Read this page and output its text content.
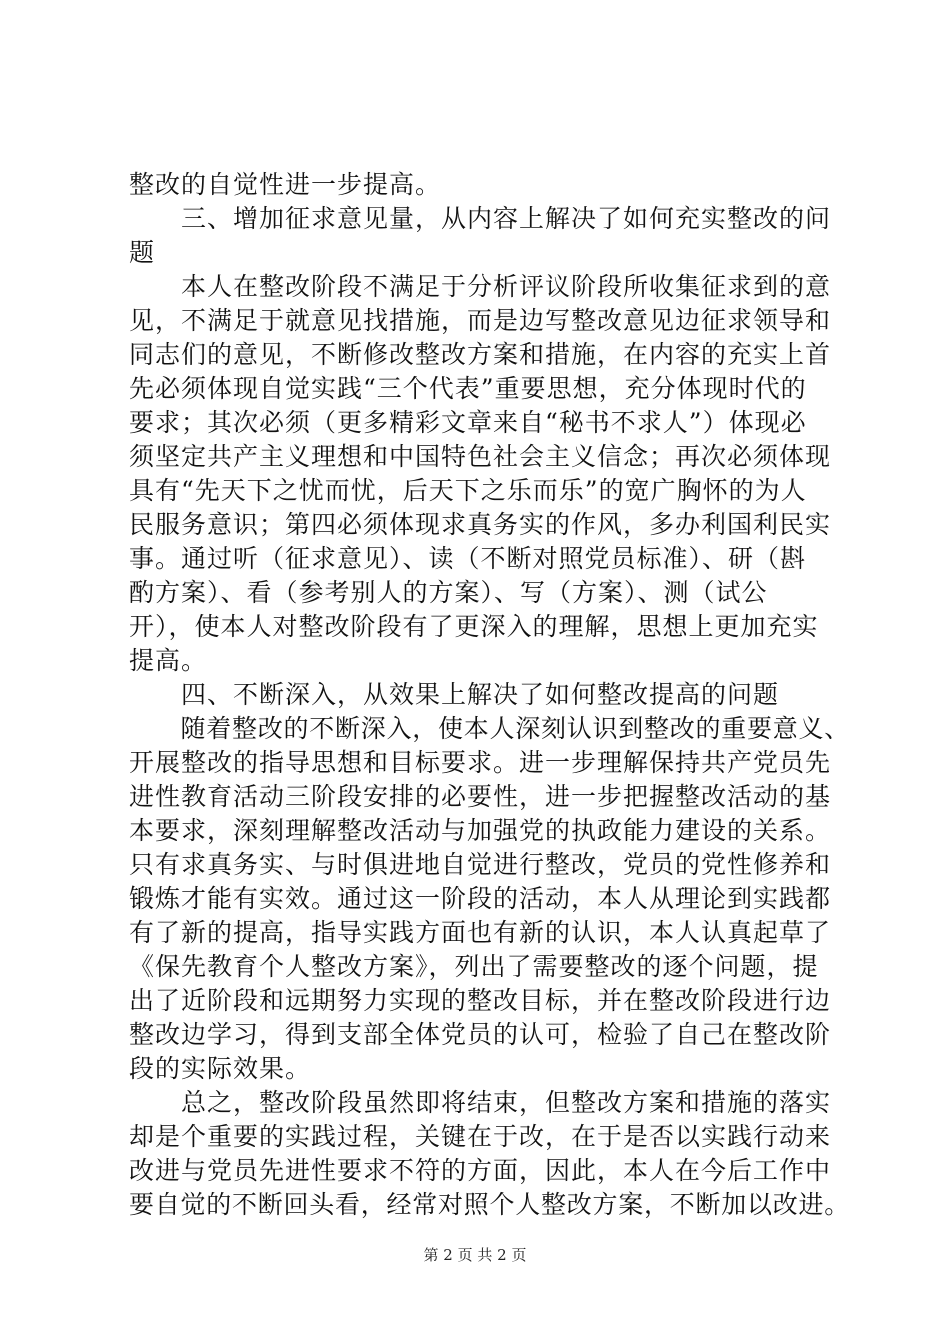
整改的自觉性进一步提高。
　　三、增加征求意见量，从内容上解决了如何充实整改的问
题
　　本人在整改阶段不满足于分析评议阶段所收集征求到的意
见，不满足于就意见找措施，而是边写整改意见边征求领导和
同志们的意见，不断修改整改方案和措施，在内容的充实上首
先必须体现自觉实践“三个代表”重要思想，充分体现时代的
要求；其次必须（更多精彩文章来自“秘书不求人”）体现必
须坚定共产主义理想和中国特色社会主义信念；再次必须体现
具有“先天下之忧而忧，后天下之乐而乐”的宽广胸怀的为人
民服务意识；第四必须体现求真务实的作风，多办利国利民实
事。通过听（征求意见）、读（不断对照党员标准）、研（斟
酌方案）、看（参考别人的方案）、写（方案）、测（试公
开），使本人对整改阶段有了更深入的理解，思想上更加充实
提高。
　　四、不断深入，从效果上解决了如何整改提高的问题
　　随着整改的不断深入，使本人深刻认识到整改的重要意义、
开展整改的指导思想和目标要求。进一步理解保持共产党员先
进性教育活动三阶段安排的必要性，进一步把握整改活动的基
本要求，深刻理解整改活动与加强党的执政能力建设的关系。
只有求真务实、与时俱进地自觉进行整改，党员的党性修养和
锻炼才能有实效。通过这一阶段的活动，本人从理论到实践都
有了新的提高，指导实践方面也有新的认识，本人认真起草了
《保先教育个人整改方案》，列出了需要整改的逐个问题，提
出了近阶段和远期努力实现的整改目标，并在整改阶段进行边
整改边学习，得到支部全体党员的认可，检验了自己在整改阶
段的实际效果。
　　总之，整改阶段虽然即将结束，但整改方案和措施的落实
却是个重要的实践过程，关键在于改，在于是否以实践行动来
改进与党员先进性要求不符的方面，因此，本人在今后工作中
要自觉的不断回头看，经常对照个人整改方案，不断加以改进。
第 2 页 共 2 页
